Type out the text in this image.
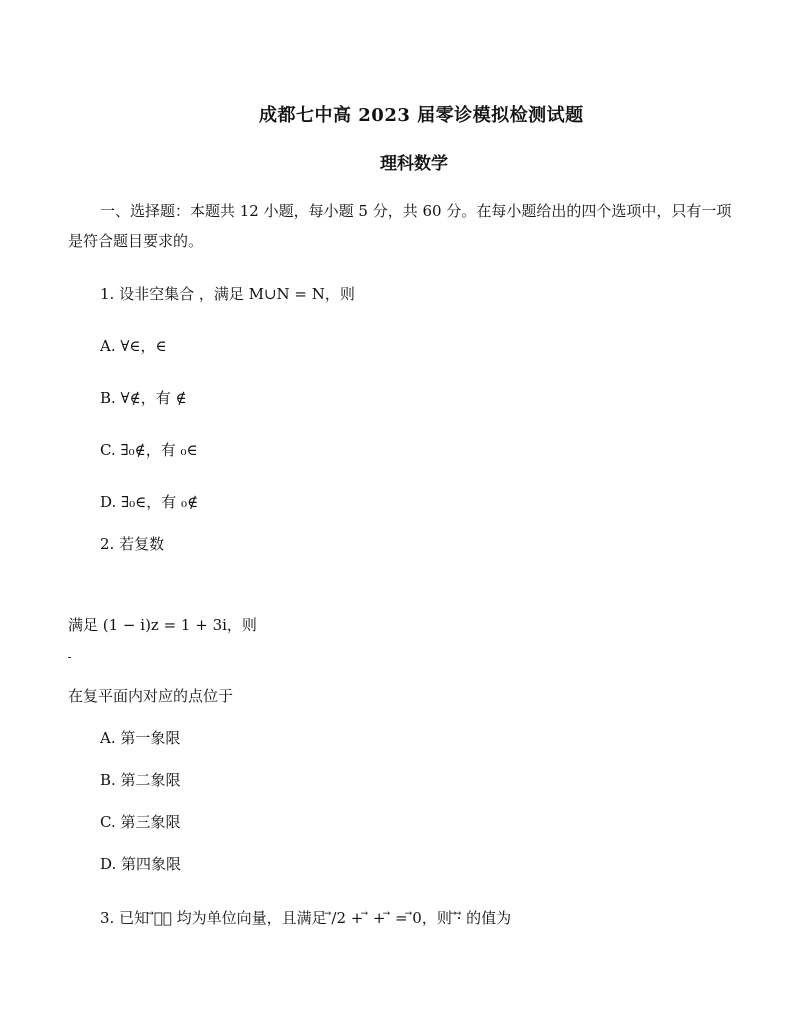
成都七中高 2023 届零诊模拟检测试题
理科数学
一、选择题：本题共 12 小题，每小题 5 分，共 60 分。在每小题给出的四个选项中，只有一项
是符合题目要求的。
1. 设非空集合 ，满足 M∪N = N，则
A. ∀∈，∈
B. ∀∉，有 ∉
C. ∃₀∉，有 ₀∈
D. ∃₀∈，有 ₀∉
2. 若复数
满足 (1 − i)z = 1 + 3i，则
在复平面内对应的点位于
A. 第一象限
B. 第二象限
C. 第三象限
D. 第四象限
3. 已知 ⃗，⃗ 均为单位向量，且满足 ⃗/2 + ⃗ + ⃗ = ⃗0，则 ⃗·⃗ 的值为
